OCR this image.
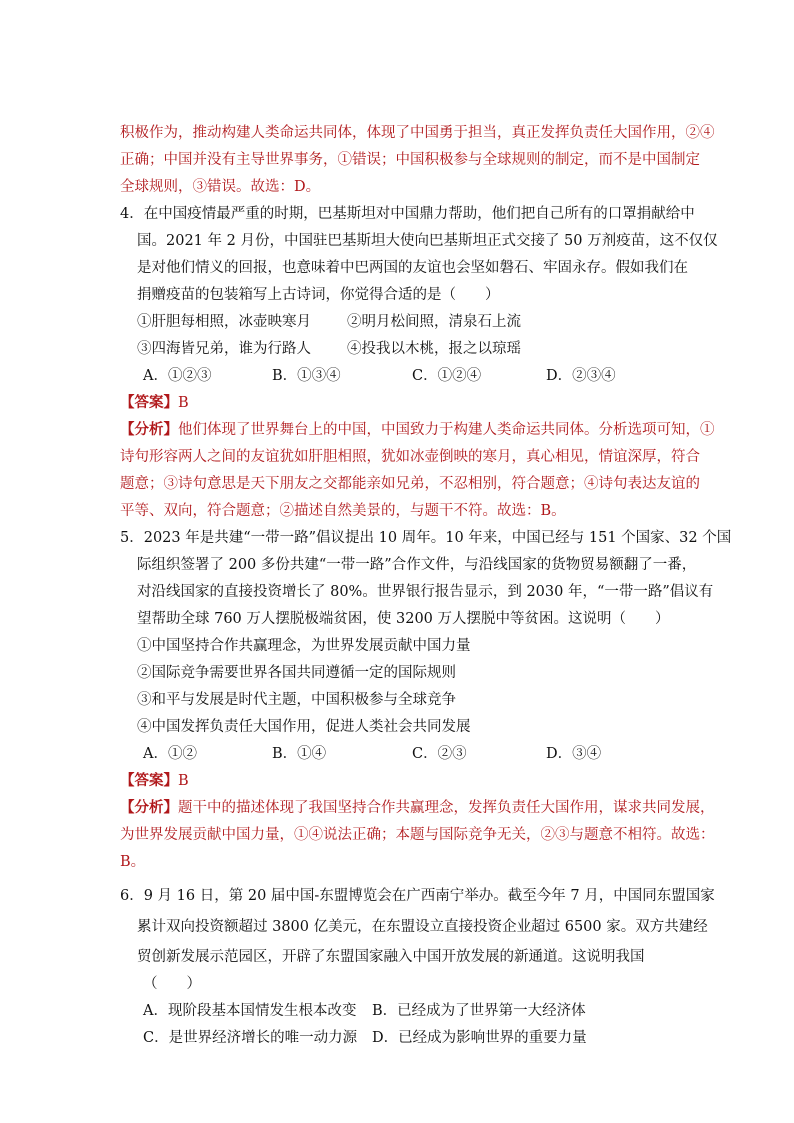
积极作为，推动构建人类命运共同体，体现了中国勇于担当，真正发挥负责任大国作用，②④
正确；中国并没有主导世界事务，①错误；中国积极参与全球规则的制定，而不是中国制定
全球规则，③错误。故选：D。
4．在中国疫情最严重的时期，巴基斯坦对中国鼎力帮助，他们把自己所有的口罩捐献给中
国。2021 年 2 月份，中国驻巴基斯坦大使向巴基斯坦正式交接了 50 万剂疫苗，这不仅仅
是对他们情义的回报，也意味着中巴两国的友谊也会坚如磐石、牢固永存。假如我们在
捐赠疫苗的包装箱写上古诗词，你觉得合适的是（　　）
①肝胆每相照，冰壶映寒月 ②明月松间照，清泉石上流
③四海皆兄弟，谁为行路人 ④投我以木桃，报之以琼瑶
A．①②③	B．①③④	C．①②④	D．②③④
【答案】B
【分析】他们体现了世界舞台上的中国，中国致力于构建人类命运共同体。分析选项可知，①
诗句形容两人之间的友谊犹如肝胆相照，犹如冰壶倒映的寒月，真心相见，情谊深厚，符合
题意；③诗句意思是天下朋友之交都能亲如兄弟，不忍相别，符合题意；④诗句表达友谊的
平等、双向，符合题意；②描述自然美景的，与题干不符。故选：B。
5．2023 年是共建“一带一路”倡议提出 10 周年。10 年来，中国已经与 151 个国家、32 个国
际组织签署了 200 多份共建“一带一路”合作文件，与沿线国家的货物贸易额翻了一番，
对沿线国家的直接投资增长了 80%。世界银行报告显示，到 2030 年，“一带一路”倡议有
望帮助全球 760 万人摆脱极端贫困，使 3200 万人摆脱中等贫困。这说明（　　）
①中国坚持合作共赢理念，为世界发展贡献中国力量
②国际竞争需要世界各国共同遵循一定的国际规则
③和平与发展是时代主题，中国积极参与全球竞争
④中国发挥负责任大国作用，促进人类社会共同发展
A．①②	B．①④	C．②③	D．③④
【答案】B
【分析】题干中的描述体现了我国坚持合作共赢理念，发挥负责任大国作用，谋求共同发展，
为世界发展贡献中国力量，①④说法正确；本题与国际竞争无关，②③与题意不相符。故选：
B。
6．9 月 16 日，第 20 届中国-东盟博览会在广西南宁举办。截至今年 7 月，中国同东盟国家
累计双向投资额超过 3800 亿美元，在东盟设立直接投资企业超过 6500 家。双方共建经
贸创新发展示范园区，开辟了东盟国家融入中国开放发展的新通道。这说明我国
（　　）
A．现阶段基本国情发生根本改变 B．已经成为了世界第一大经济体
C．是世界经济增长的唯一动力源 D．已经成为影响世界的重要力量
